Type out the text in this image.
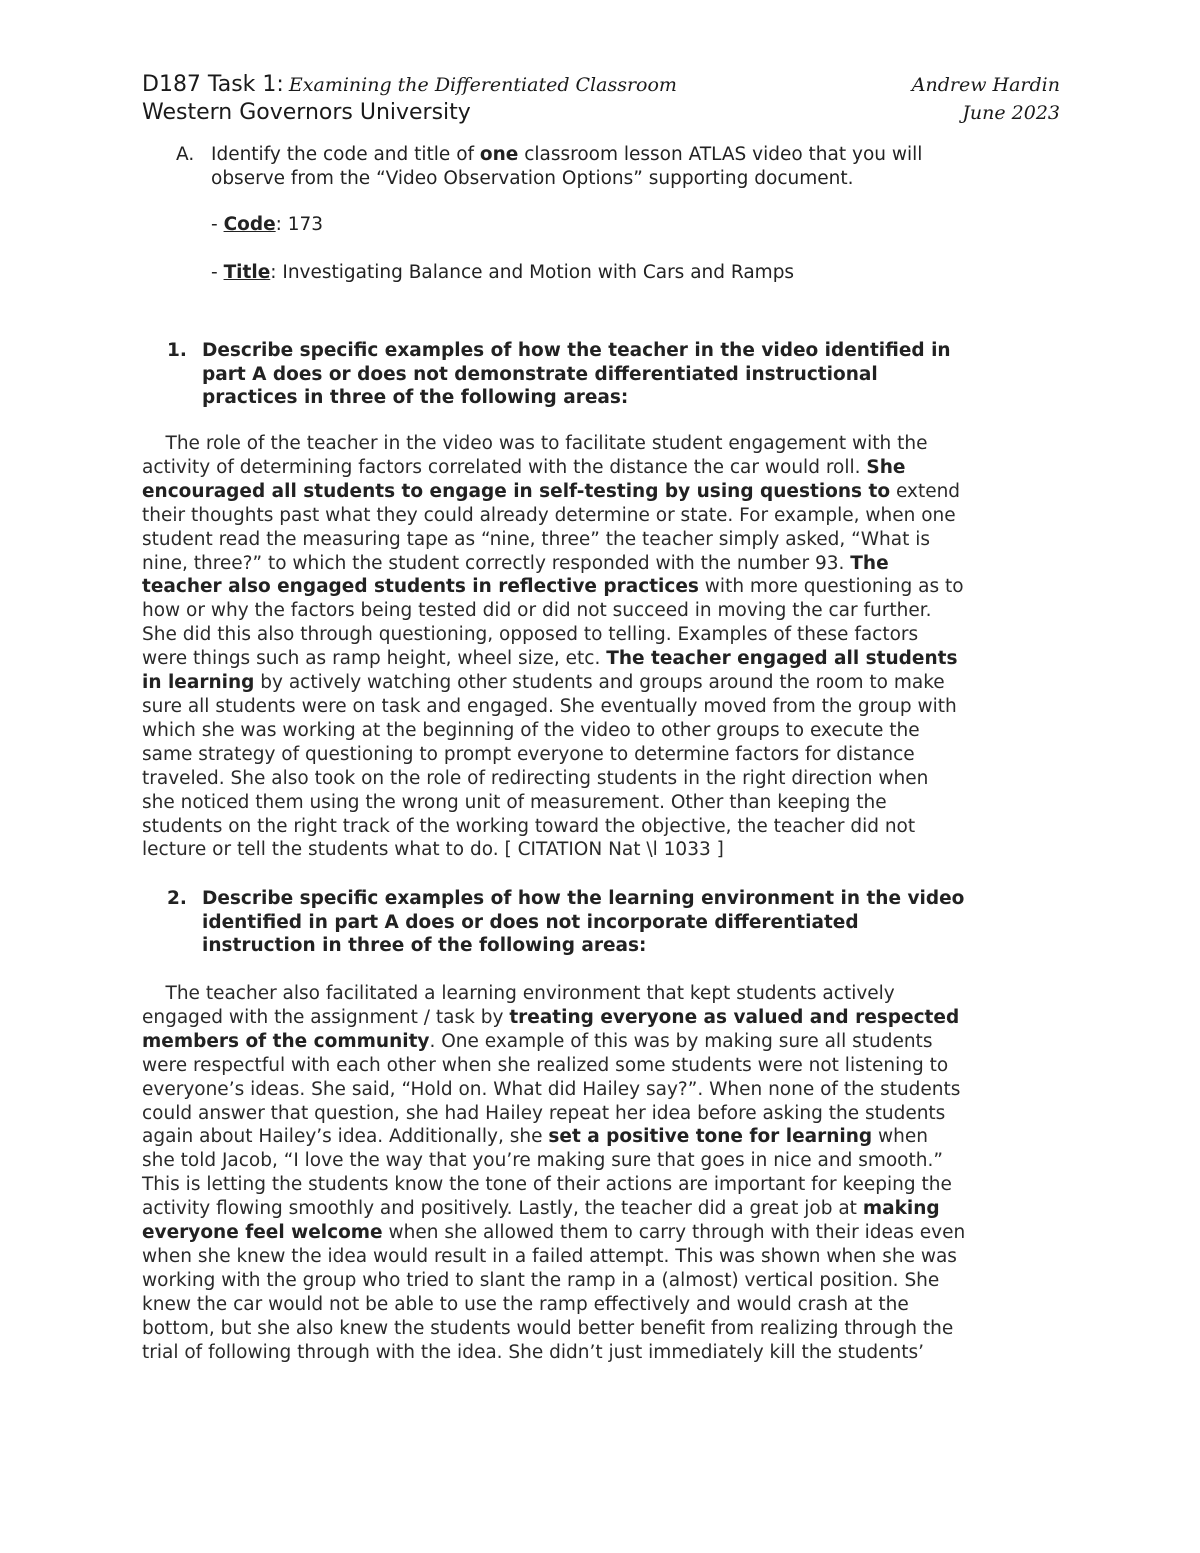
D187 Task 1: Examining the Differentiated Classroom	Andrew Hardin
Western Governors University	June 2023
A. Identify the code and title of one classroom lesson ATLAS video that you will
observe from the “Video Observation Options” supporting document.
- Code: 173
- Title: Investigating Balance and Motion with Cars and Ramps
1. Describe specific examples of how the teacher in the video identified in
part A does or does not demonstrate differentiated instructional
practices in three of the following areas:
The role of the teacher in the video was to facilitate student engagement with the
activity of determining factors correlated with the distance the car would roll. She
encouraged all students to engage in self-testing by using questions to extend
their thoughts past what they could already determine or state. For example, when one
student read the measuring tape as “nine, three” the teacher simply asked, “What is
nine, three?” to which the student correctly responded with the number 93. The
teacher also engaged students in reflective practices with more questioning as to
how or why the factors being tested did or did not succeed in moving the car further.
She did this also through questioning, opposed to telling. Examples of these factors
were things such as ramp height, wheel size, etc. The teacher engaged all students
in learning by actively watching other students and groups around the room to make
sure all students were on task and engaged. She eventually moved from the group with
which she was working at the beginning of the video to other groups to execute the
same strategy of questioning to prompt everyone to determine factors for distance
traveled. She also took on the role of redirecting students in the right direction when
she noticed them using the wrong unit of measurement. Other than keeping the
students on the right track of the working toward the objective, the teacher did not
lecture or tell the students what to do. [ CITATION Nat \l 1033 ]
2. Describe specific examples of how the learning environment in the video
identified in part A does or does not incorporate differentiated
instruction in three of the following areas:
The teacher also facilitated a learning environment that kept students actively
engaged with the assignment / task by treating everyone as valued and respected
members of the community. One example of this was by making sure all students
were respectful with each other when she realized some students were not listening to
everyone’s ideas. She said, “Hold on. What did Hailey say?”. When none of the students
could answer that question, she had Hailey repeat her idea before asking the students
again about Hailey’s idea. Additionally, she set a positive tone for learning when
she told Jacob, “I love the way that you’re making sure that goes in nice and smooth.”
This is letting the students know the tone of their actions are important for keeping the
activity flowing smoothly and positively. Lastly, the teacher did a great job at making
everyone feel welcome when she allowed them to carry through with their ideas even
when she knew the idea would result in a failed attempt. This was shown when she was
working with the group who tried to slant the ramp in a (almost) vertical position. She
knew the car would not be able to use the ramp effectively and would crash at the
bottom, but she also knew the students would better benefit from realizing through the
trial of following through with the idea. She didn’t just immediately kill the students’
